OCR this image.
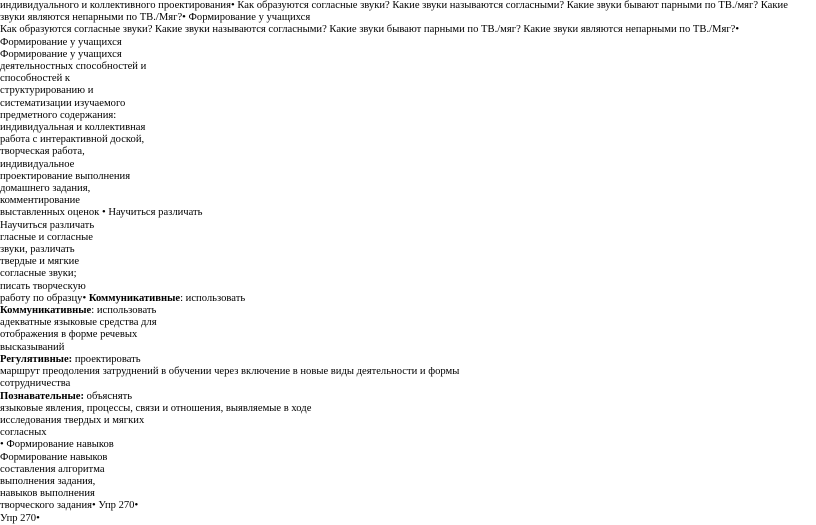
индивидуального и коллективного проектирования• Как образуются согласные звуки? Какие звуки называются согласными? Какие звуки бывают парными по ТВ./мяг? Какие звуки являются непарными по ТВ./Мяг?• Формирование у учащихся
Как образуются согласные звуки? Какие звуки называются согласными? Какие звуки бывают парными по ТВ./мяг? Какие звуки являются непарными по ТВ./Мяг?• Формирование у учащихся
Формирование у учащихся
деятельностных способностей и
способностей к
структурированию и
систематизации изучаемого
предметного содержания:
индивидуальная и коллективная
работа с интерактивной доской,
творческая работа,
индивидуальное
проектирование выполнения
домашнего задания,
комментирование
выставленных оценок • Научиться различать
Научиться различать
гласные и согласные
звуки, различать
твердые и мягкие
согласные звуки;
писать творческую
работу по образцу• Коммуникативные: использовать
Коммуникативные: использовать
адекватные языковые средства для
отображения в форме речевых
высказываний
Регулятивные: проектировать
маршрут преодоления затруднений в обучении через включение в новые виды деятельности и формы
сотрудничества
Познавательные: объяснять
языковые явления, процессы, связи и отношения, выявляемые в ходе
исследования твердых и мягких
согласных
• Формирование навыков
Формирование навыков
составления алгоритма
выполнения задания,
навыков выполнения
творческого задания• Упр 270•
Упр 270•
